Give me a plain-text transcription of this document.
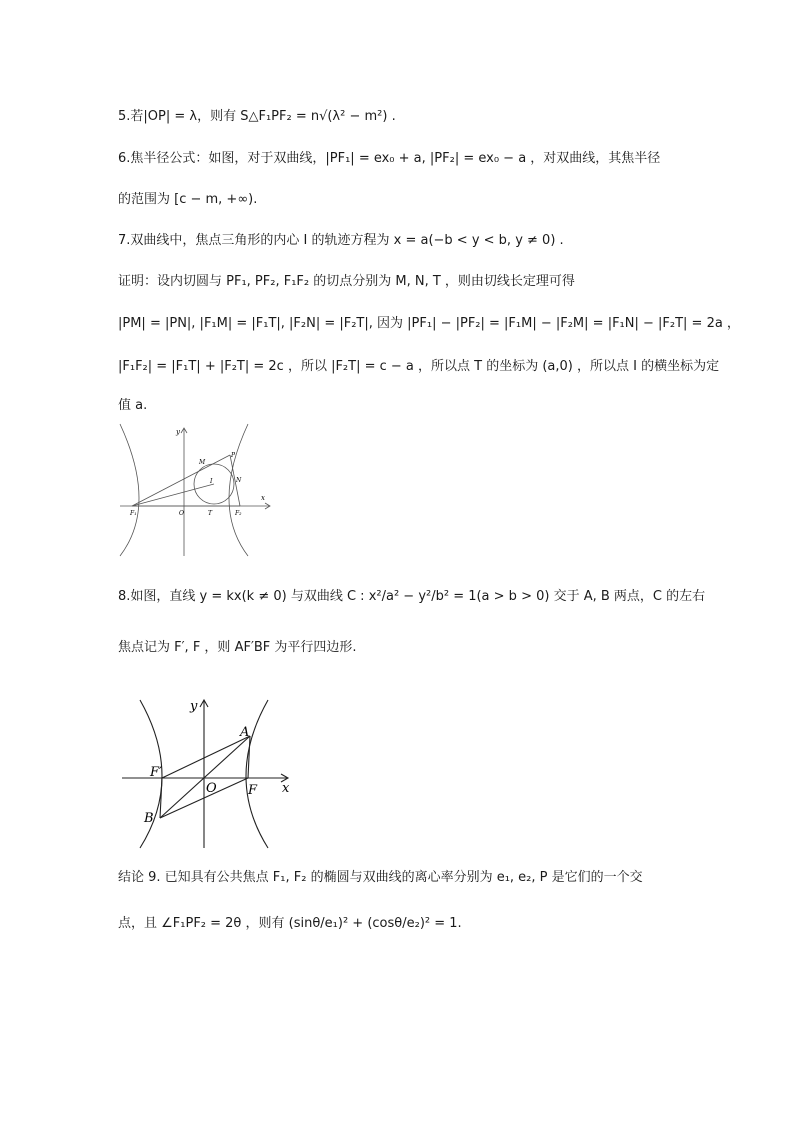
5.若|OP| = λ，则有 S△F₁PF₂ = n√(λ² − m²) .
6.焦半径公式：如图，对于双曲线，|PF₁| = ex₀ + a, |PF₂| = ex₀ − a ，对双曲线，其焦半径
的范围为 [c − m, +∞).
7.双曲线中，焦点三角形的内心 I 的轨迹方程为 x = a(−b < y < b, y ≠ 0) .
证明：设内切圆与 PF₁, PF₂, F₁F₂ 的切点分别为 M, N, T ，则由切线长定理可得
|PM| = |PN|, |F₁M| = |F₁T|, |F₂N| = |F₂T|, 因为 |PF₁| − |PF₂| = |F₁M| − |F₂M| = |F₁N| − |F₂T| = 2a ，
|F₁F₂| = |F₁T| + |F₂T| = 2c ，所以 |F₂T| = c − a ，所以点 T 的坐标为 (a,0) ，所以点 I 的横坐标为定
值 a.
y
x
M
P
I	N
F₁	O	T	F₂
8.如图，直线 y = kx(k ≠ 0) 与双曲线 C : x²/a² − y²/b² = 1(a > b > 0) 交于 A, B 两点，C 的左右
焦点记为 F′, F ，则 AF′BF 为平行四边形.
y
A
F′
O F x
B
结论 9. 已知具有公共焦点 F₁, F₂ 的椭圆与双曲线的离心率分别为 e₁, e₂, P 是它们的一个交
点，且 ∠F₁PF₂ = 2θ ，则有 (sinθ/e₁)² + (cosθ/e₂)² = 1.
